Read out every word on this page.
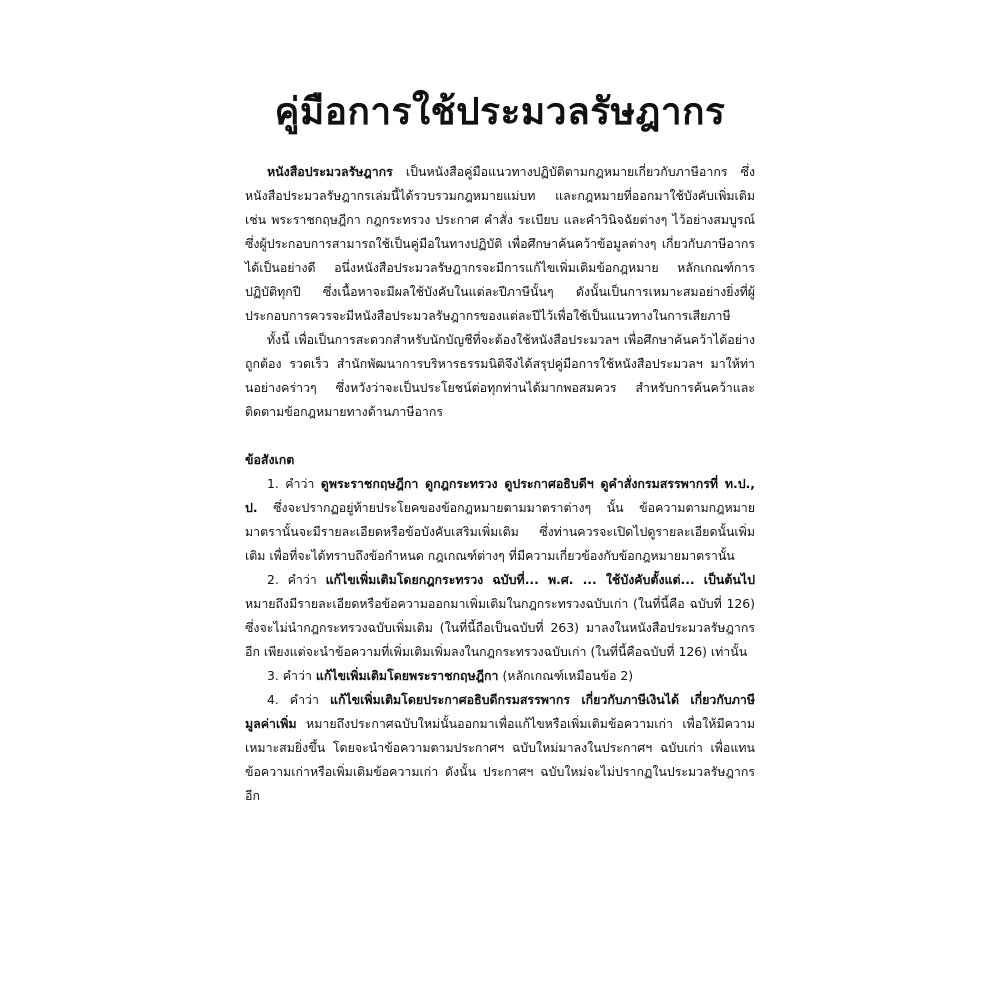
คู่มือการใช้ประมวลรัษฎากร

หนังสือประมวลรัษฎากร เป็นหนังสือคู่มือแนวทางปฏิบัติตามกฎหมายเกี่ยวกับภาษีอากร ซึ่งหนังสือประมวลรัษฎากรเล่มนี้ได้รวบรวมกฎหมายแม่บท และกฎหมายที่ออกมาใช้บังคับเพิ่มเติม เช่น พระราชกฤษฎีกา กฎกระทรวง ประกาศ คำสั่ง ระเบียบ และคำวินิจฉัยต่างๆ ไว้อย่างสมบูรณ์ ซึ่งผู้ประกอบการสามารถใช้เป็นคู่มือในทางปฏิบัติ เพื่อศึกษาค้นคว้าข้อมูลต่างๆ เกี่ยวกับภาษีอากรได้เป็นอย่างดี อนึ่งหนังสือประมวลรัษฎากรจะมีการแก้ไขเพิ่มเติมข้อกฎหมาย หลักเกณฑ์การปฏิบัติทุกปี ซึ่งเนื้อหาจะมีผลใช้บังคับในแต่ละปีภาษีนั้นๆ ดังนั้นเป็นการเหมาะสมอย่างยิ่งที่ผู้ประกอบการควรจะมีหนังสือประมวลรัษฎากรของแต่ละปีไว้เพื่อใช้เป็นแนวทางในการเสียภาษี

ทั้งนี้ เพื่อเป็นการสะดวกสำหรับนักบัญชีที่จะต้องใช้หนังสือประมวลฯ เพื่อศึกษาค้นคว้าได้อย่างถูกต้อง รวดเร็ว สำนักพัฒนาการบริหารธรรมนิติจึงได้สรุปคู่มือการใช้หนังสือประมวลฯ มาให้ท่านอย่างคร่าวๆ ซึ่งหวังว่าจะเป็นประโยชน์ต่อทุกท่านได้มากพอสมควร สำหรับการค้นคว้าและติดตามข้อกฎหมายทางด้านภาษีอากร

ข้อสังเกต

1. คำว่า ดูพระราชกฤษฎีกา ดูกฎกระทรวง ดูประกาศอธิบดีฯ ดูคำสั่งกรมสรรพากรที่ ท.ป., ป. ซึ่งจะปรากฏอยู่ท้ายประโยคของข้อกฎหมายตามมาตราต่างๆ นั้น ข้อความตามกฎหมายมาตรานั้นจะมีรายละเอียดหรือข้อบังคับเสริมเพิ่มเติม ซึ่งท่านควรจะเปิดไปดูรายละเอียดนั้นเพิ่มเติม เพื่อที่จะได้ทราบถึงข้อกำหนด กฎเกณฑ์ต่างๆ ที่มีความเกี่ยวข้องกับข้อกฎหมายมาตรานั้น

2. คำว่า แก้ไขเพิ่มเติมโดยกฎกระทรวง ฉบับที่... พ.ศ. ... ใช้บังคับตั้งแต่... เป็นต้นไป หมายถึงมีรายละเอียดหรือข้อความออกมาเพิ่มเติมในกฎกระทรวงฉบับเก่า (ในที่นี้คือ ฉบับที่ 126) ซึ่งจะไม่นำกฎกระทรวงฉบับเพิ่มเติม (ในที่นี้ถือเป็นฉบับที่ 263) มาลงในหนังสือประมวลรัษฎากรอีก เพียงแต่จะนำข้อความที่เพิ่มเติมเพิ่มลงในกฎกระทรวงฉบับเก่า (ในที่นี้คือฉบับที่ 126) เท่านั้น

3. คำว่า แก้ไขเพิ่มเติมโดยพระราชกฤษฎีกา (หลักเกณฑ์เหมือนข้อ 2)

4. คำว่า แก้ไขเพิ่มเติมโดยประกาศอธิบดีกรมสรรพากร เกี่ยวกับภาษีเงินได้ เกี่ยวกับภาษีมูลค่าเพิ่ม หมายถึงประกาศฉบับใหม่นั้นออกมาเพื่อแก้ไขหรือเพิ่มเติมข้อความเก่า เพื่อให้มีความเหมาะสมยิ่งขึ้น โดยจะนำข้อความตามประกาศฯ ฉบับใหม่มาลงในประกาศฯ ฉบับเก่า เพื่อแทนข้อความเก่าหรือเพิ่มเติมข้อความเก่า ดังนั้น ประกาศฯ ฉบับใหม่จะไม่ปรากฏในประมวลรัษฎากรอีก
